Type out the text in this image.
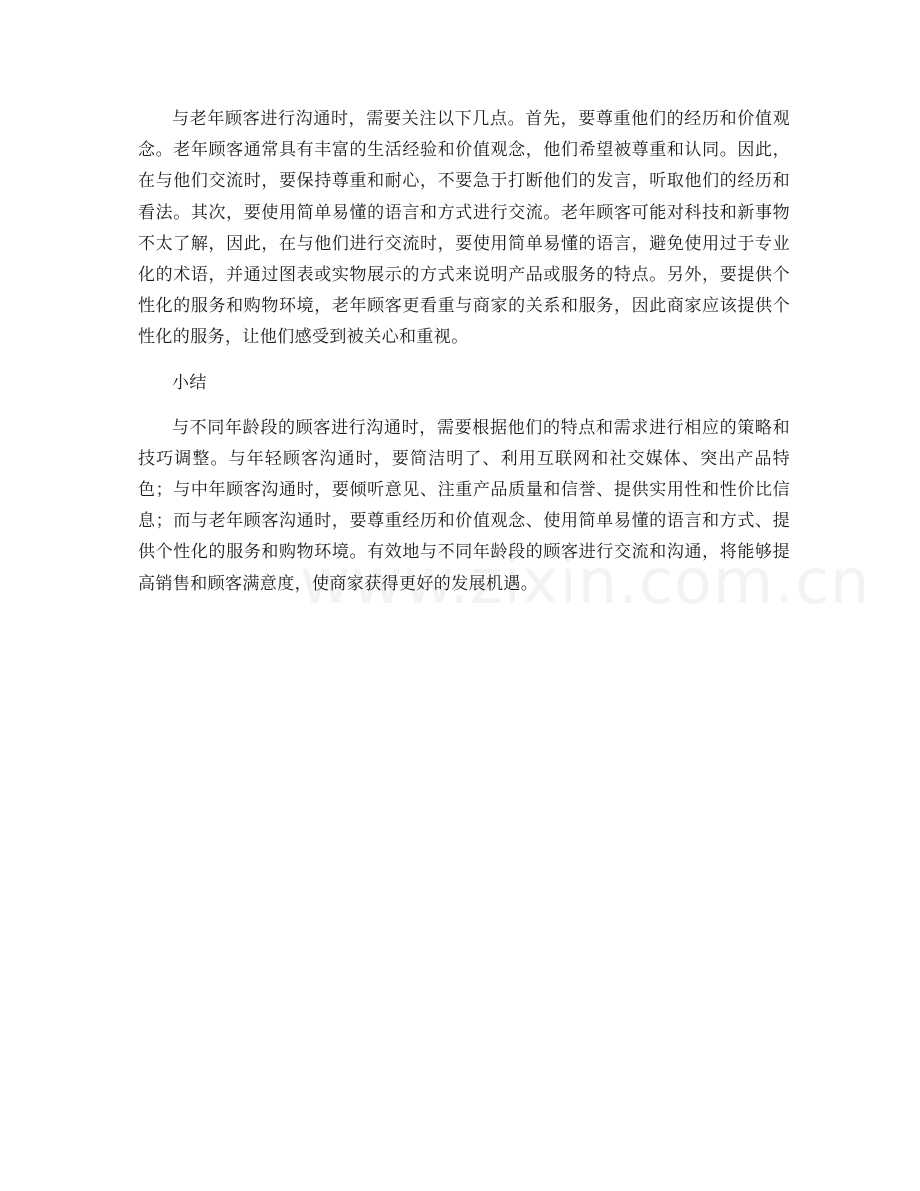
与老年顾客进行沟通时，需要关注以下几点。首先，要尊重他们的经历和价值观念。老年顾客通常具有丰富的生活经验和价值观念，他们希望被尊重和认同。因此，在与他们交流时，要保持尊重和耐心，不要急于打断他们的发言，听取他们的经历和看法。其次，要使用简单易懂的语言和方式进行交流。老年顾客可能对科技和新事物不太了解，因此，在与他们进行交流时，要使用简单易懂的语言，避免使用过于专业化的术语，并通过图表或实物展示的方式来说明产品或服务的特点。另外，要提供个性化的服务和购物环境，老年顾客更看重与商家的关系和服务，因此商家应该提供个性化的服务，让他们感受到被关心和重视。

小结

与不同年龄段的顾客进行沟通时，需要根据他们的特点和需求进行相应的策略和技巧调整。与年轻顾客沟通时，要简洁明了、利用互联网和社交媒体、突出产品特色；与中年顾客沟通时，要倾听意见、注重产品质量和信誉、提供实用性和性价比信息；而与老年顾客沟通时，要尊重经历和价值观念、使用简单易懂的语言和方式、提供个性化的服务和购物环境。有效地与不同年龄段的顾客进行交流和沟通，将能够提高销售和顾客满意度，使商家获得更好的发展机遇。
